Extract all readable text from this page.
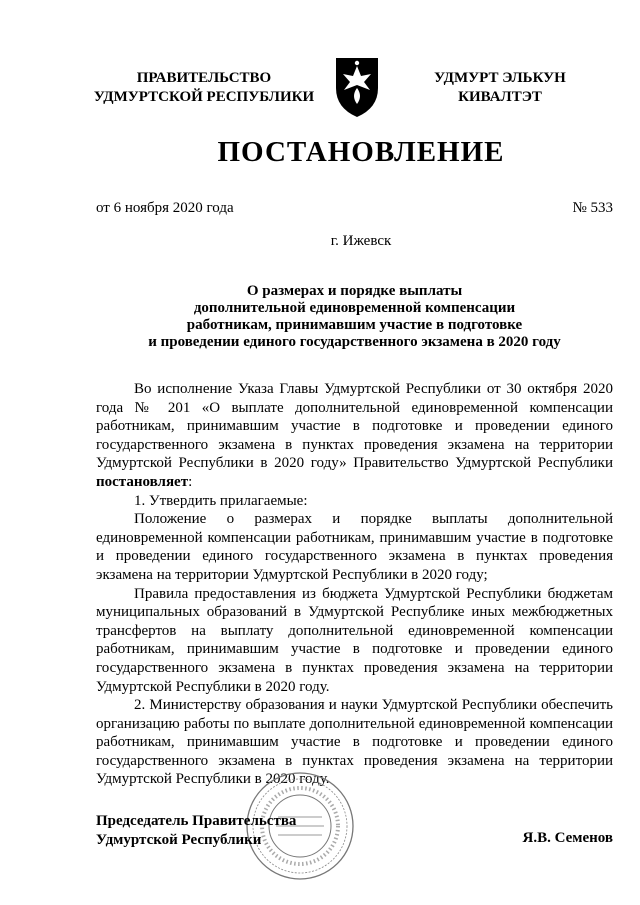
ПРАВИТЕЛЬСТВО
УДМУРТСКОЙ РЕСПУБЛИКИ
УДМУРТ ЭЛЬКУН
КИВАЛТЭТ
ПОСТАНОВЛЕНИЕ
от 6 ноября 2020 года	№ 533
г. Ижевск
О размерах и порядке выплаты
дополнительной единовременной компенсации
работникам, принимавшим участие в подготовке
и проведении единого государственного экзамена в 2020 году

Во исполнение Указа Главы Удмуртской Республики от 30 октября 2020 года № 201 «О выплате дополнительной единовременной компенсации работникам, принимавшим участие в подготовке и проведении единого государственного экзамена в пунктах проведения экзамена на территории Удмуртской Республики в 2020 году» Правительство Удмуртской Республики постановляет:

1. Утвердить прилагаемые:

Положение о размерах и порядке выплаты дополнительной единовременной компенсации работникам, принимавшим участие в подготовке и проведении единого государственного экзамена в пунктах проведения экзамена на территории Удмуртской Республики в 2020 году;

Правила предоставления из бюджета Удмуртской Республики бюджетам муниципальных образований в Удмуртской Республике иных межбюджетных трансфертов на выплату дополнительной единовременной компенсации работникам, принимавшим участие в подготовке и проведении единого государственного экзамена в пунктах проведения экзамена на территории Удмуртской Республики в 2020 году.

2. Министерству образования и науки Удмуртской Республики обеспечить организацию работы по выплате дополнительной единовременной компенсации работникам, принимавшим участие в подготовке и проведении единого государственного экзамена в пунктах проведения экзамена на территории Удмуртской Республики в 2020 году.

Председатель Правительства
Удмуртской Республики	Я.В. Семенов
